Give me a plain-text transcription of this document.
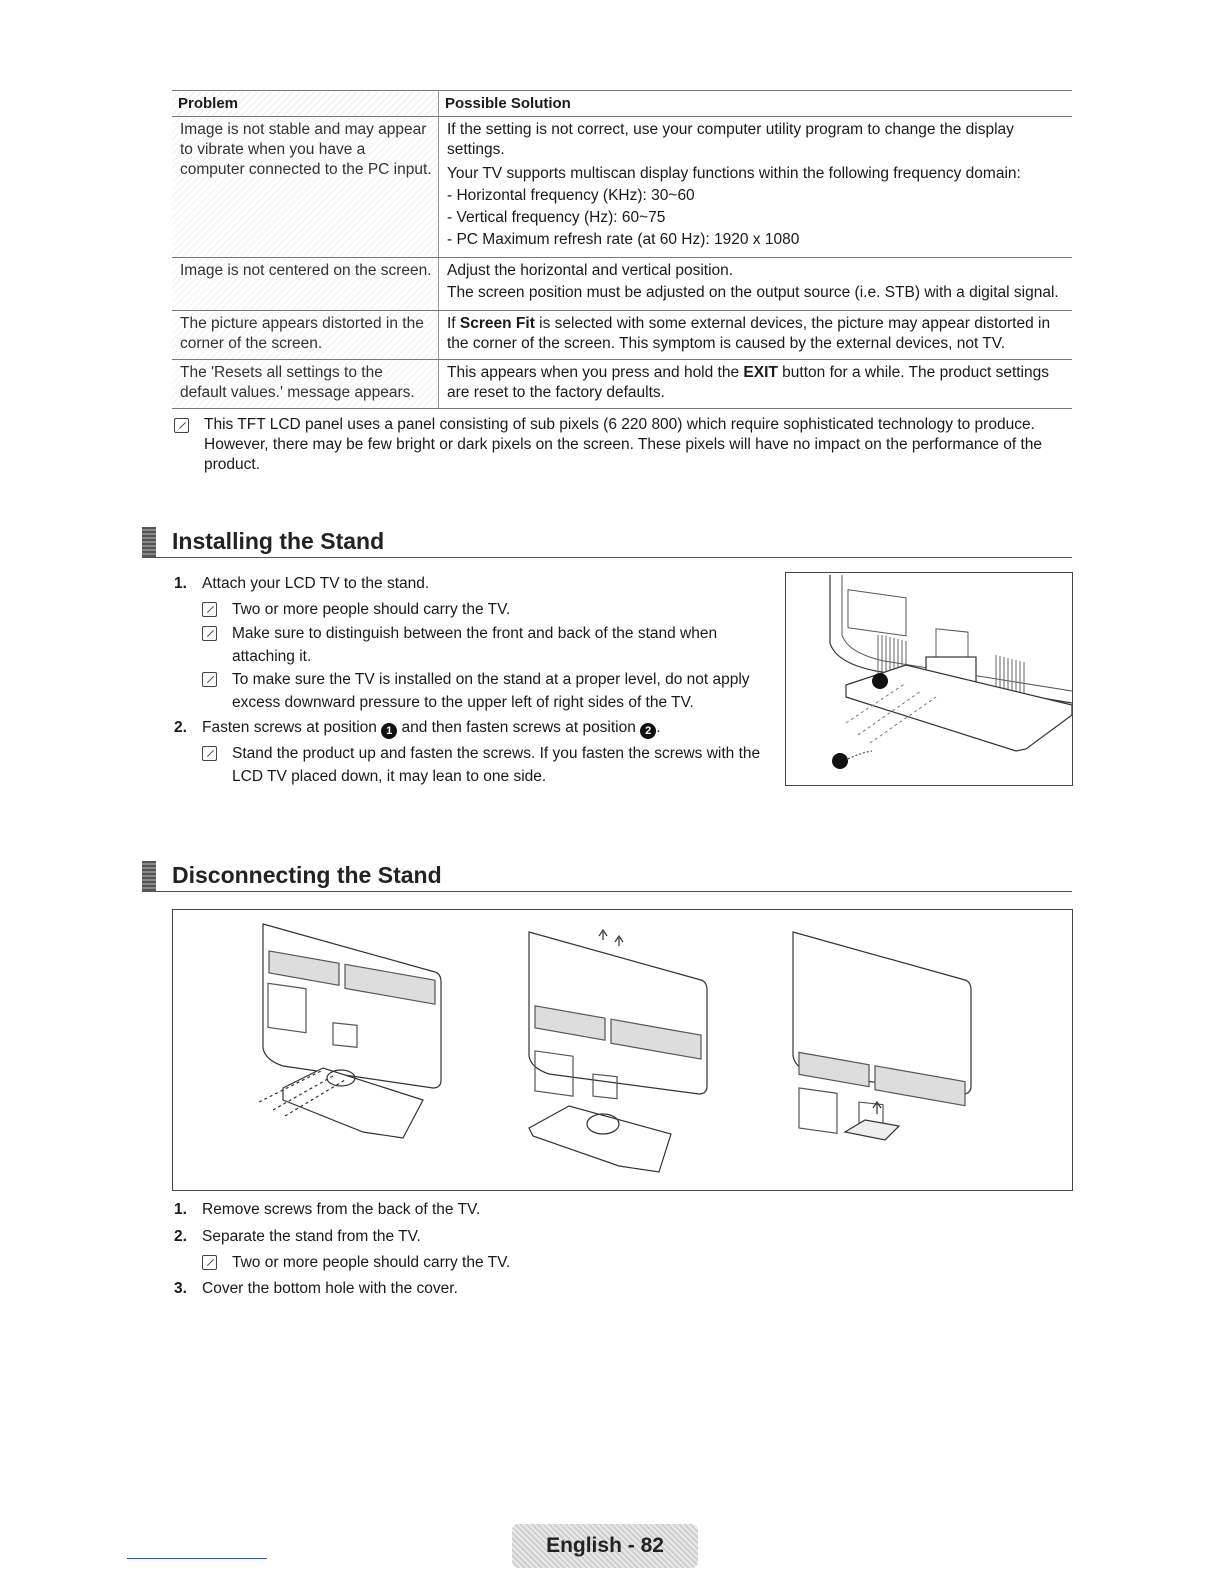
Problem	Possible Solution
Image is not stable and may appear to vibrate when you have a computer connected to the PC input.	If the setting is not correct, use your computer utility program to change the display settings.

Your TV supports multiscan display functions within the following frequency domain:

- Horizontal frequency (KHz): 30~60

- Vertical frequency (Hz): 60~75

- PC Maximum refresh rate (at 60 Hz): 1920 x 1080

Image is not centered on the screen.	Adjust the horizontal and vertical position.

The screen position must be adjusted on the output source (i.e. STB) with a digital signal.

The picture appears distorted in the corner of the screen.	If Screen Fit is selected with some external devices, the picture may appear distorted in the corner of the screen. This symptom is caused by the external devices, not TV.
The 'Resets all settings to the default values.' message appears.	This appears when you press and hold the EXIT button for a while. The product settings are reset to the factory defaults.
This TFT LCD panel uses a panel consisting of sub pixels (6 220 800) which require sophisticated technology to produce. However, there may be few bright or dark pixels on the screen. These pixels will have no impact on the performance of the product.
Installing the Stand
1. Attach your LCD TV to the stand.
Two or more people should carry the TV.
Make sure to distinguish between the front and back of the stand when attaching it.
To make sure the TV is installed on the stand at a proper level, do not apply excess downward pressure to the upper left of right sides of the TV.
2. Fasten screws at position 1 and then fasten screws at position 2 .
Stand the product up and fasten the screws. If you fasten the screws with the LCD TV placed down, it may lean to one side.
Disconnecting the Stand
1. Remove screws from the back of the TV.
2. Separate the stand from the TV.
Two or more people should carry the TV.
3. Cover the bottom hole with the cover.
English - 82
